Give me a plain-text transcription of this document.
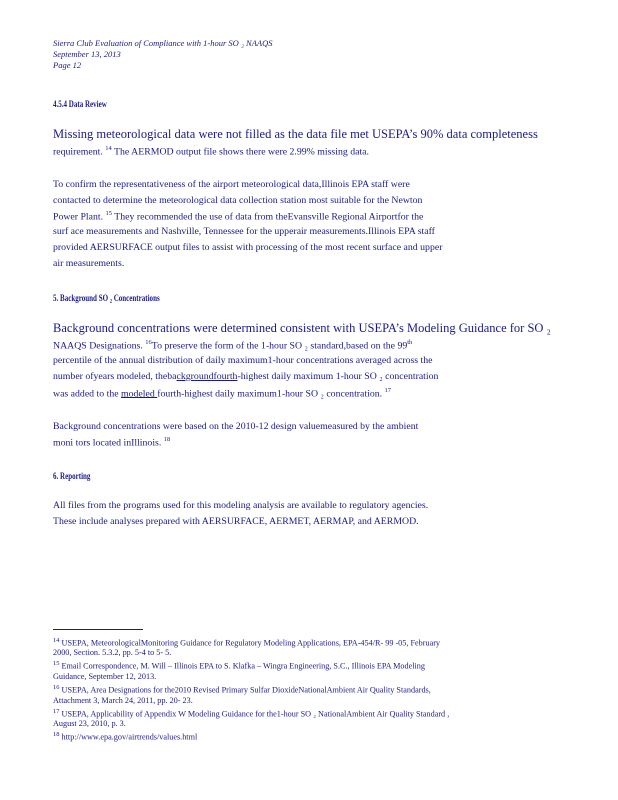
Sierra Club Evaluation of Compliance with 1-hour SO ₂ NAAQS
September 13, 2013
Page 12
4.5.4 Data Review
Missing meteorological data were not filled as the data file met USEPA’s 90% data completeness
requirement. $^{14}$ The AERMOD output file shows there were 2.99% missing data.
To confirm the representativeness of the airport meteorological data,Illinois EPA staff were
contacted to determine the meteorological data collection station most suitable for the Newton
Power Plant. $^{15}$ They recommended the use of data from theEvansville Regional Airportfor the
surf ace measurements and Nashville, Tennessee for the upperair measurements.Illinois EPA staff
provided AERSURFACE output files to assist with processing of the most recent surface and upper
air measurements.
5. Background SO ₂ Concentrations
Background concentrations were determined consistent with USEPA’s Modeling Guidance for SO ₂
NAAQS Designations. $^{16}$To preserve the form of the 1-hour SO ₂ standard,based on the 99th
percentile of the annual distribution of daily maximum1-hour concentrations averaged across the
number ofyears modeled, thebackgroundfourth-highest daily maximum 1-hour SO ₂ concentration
was added to the modeled fourth-highest daily maximum1-hour SO ₂ concentration. $^{17}$
Background concentrations were based on the 2010-12 design valuemeasured by the ambient
moni tors located inIllinois. $^{18}$
6. Reporting
All files from the programs used for this modeling analysis are available to regulatory agencies.
These include analyses prepared with AERSURFACE, AERMET, AERMAP, and AERMOD.
$^{14}$ USEPA, MeteorologicalMonitoring Guidance for Regulatory Modeling Applications, EPA-454/R- 99 -05, February
2000, Section. 5.3.2, pp. 5-4 to 5- 5.
$^{15}$ Email Correspondence, M. Will – Illinois EPA to S. Klafka – Wingra Engineering, S.C., Illinois EPA Modeling
Guidance, September 12, 2013.
$^{16}$ USEPA, Area Designations for the2010 Revised Primary Sulfar DioxideNationalAmbient Air Quality Standards,
Attachment 3, March 24, 2011, pp. 20- 23.
$^{17}$ USEPA, Applicability of Appendix W Modeling Guidance for the1-hour SO ₂ NationalAmbient Air Quality Standard ,
August 23, 2010, p. 3.
$^{18}$ http://www.epa.gov/airtrends/values.html
